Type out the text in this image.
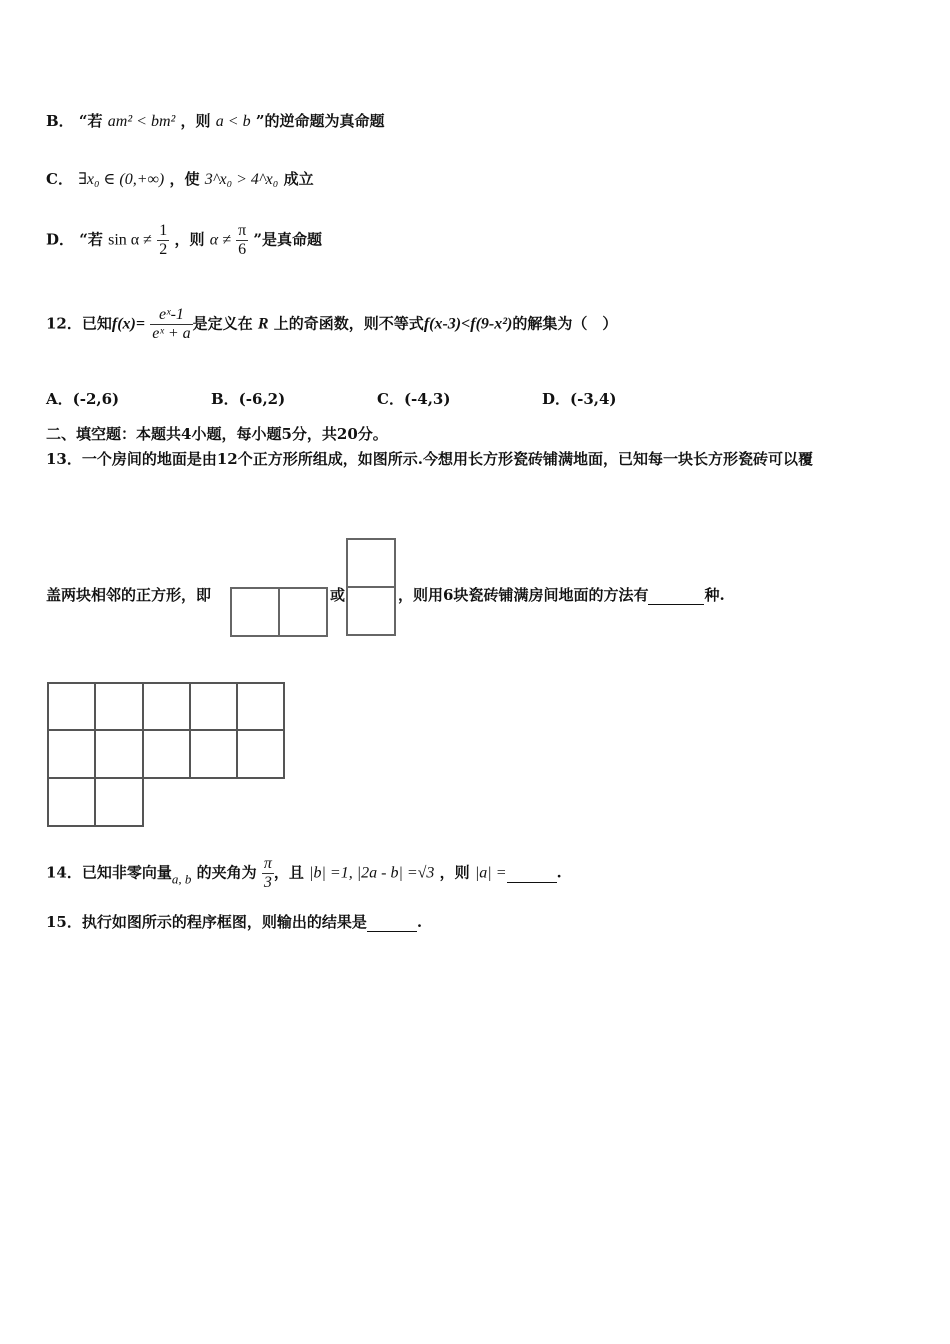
B． “若 am² < bm² ，则 a < b ”的逆命题为真命题
C． ∃x₀ ∈ (0,+∞) ，使 3^x₀ > 4^x₀ 成立
D． “若 $\sin \alpha \ne \frac{1}{2}$ ，则 $\alpha \ne \frac{\pi}{6}$ ”是真命题
12．已知$f(x)= \frac{\text{eˣ-1}}{\text{eˣ + a}}$ 是定义在 R 上的奇函数，则不等式f(x-3)<f(9-x²)的解集为（　）
A．(-2,6)	B．(-6,2)	C．(-4,3)	D．(-3,4)
二、填空题：本题共4小题，每小题5分，共20分。
13．一个房间的地面是由12个正方形所组成，如图所示.今想用长方形瓷砖铺满地面，已知每一块长方形瓷砖可以覆
盖两块相邻的正方形，即	或	，则用6块瓷砖铺满房间地面的方法有	种.
14．已知非零向量a, b 的夹角为 $\frac{\pi}{3}$ ，且 |b| =1, |2a - b| =√3 ，则 |a| =	.
15．执行如图所示的程序框图，则输出的结果是	.
